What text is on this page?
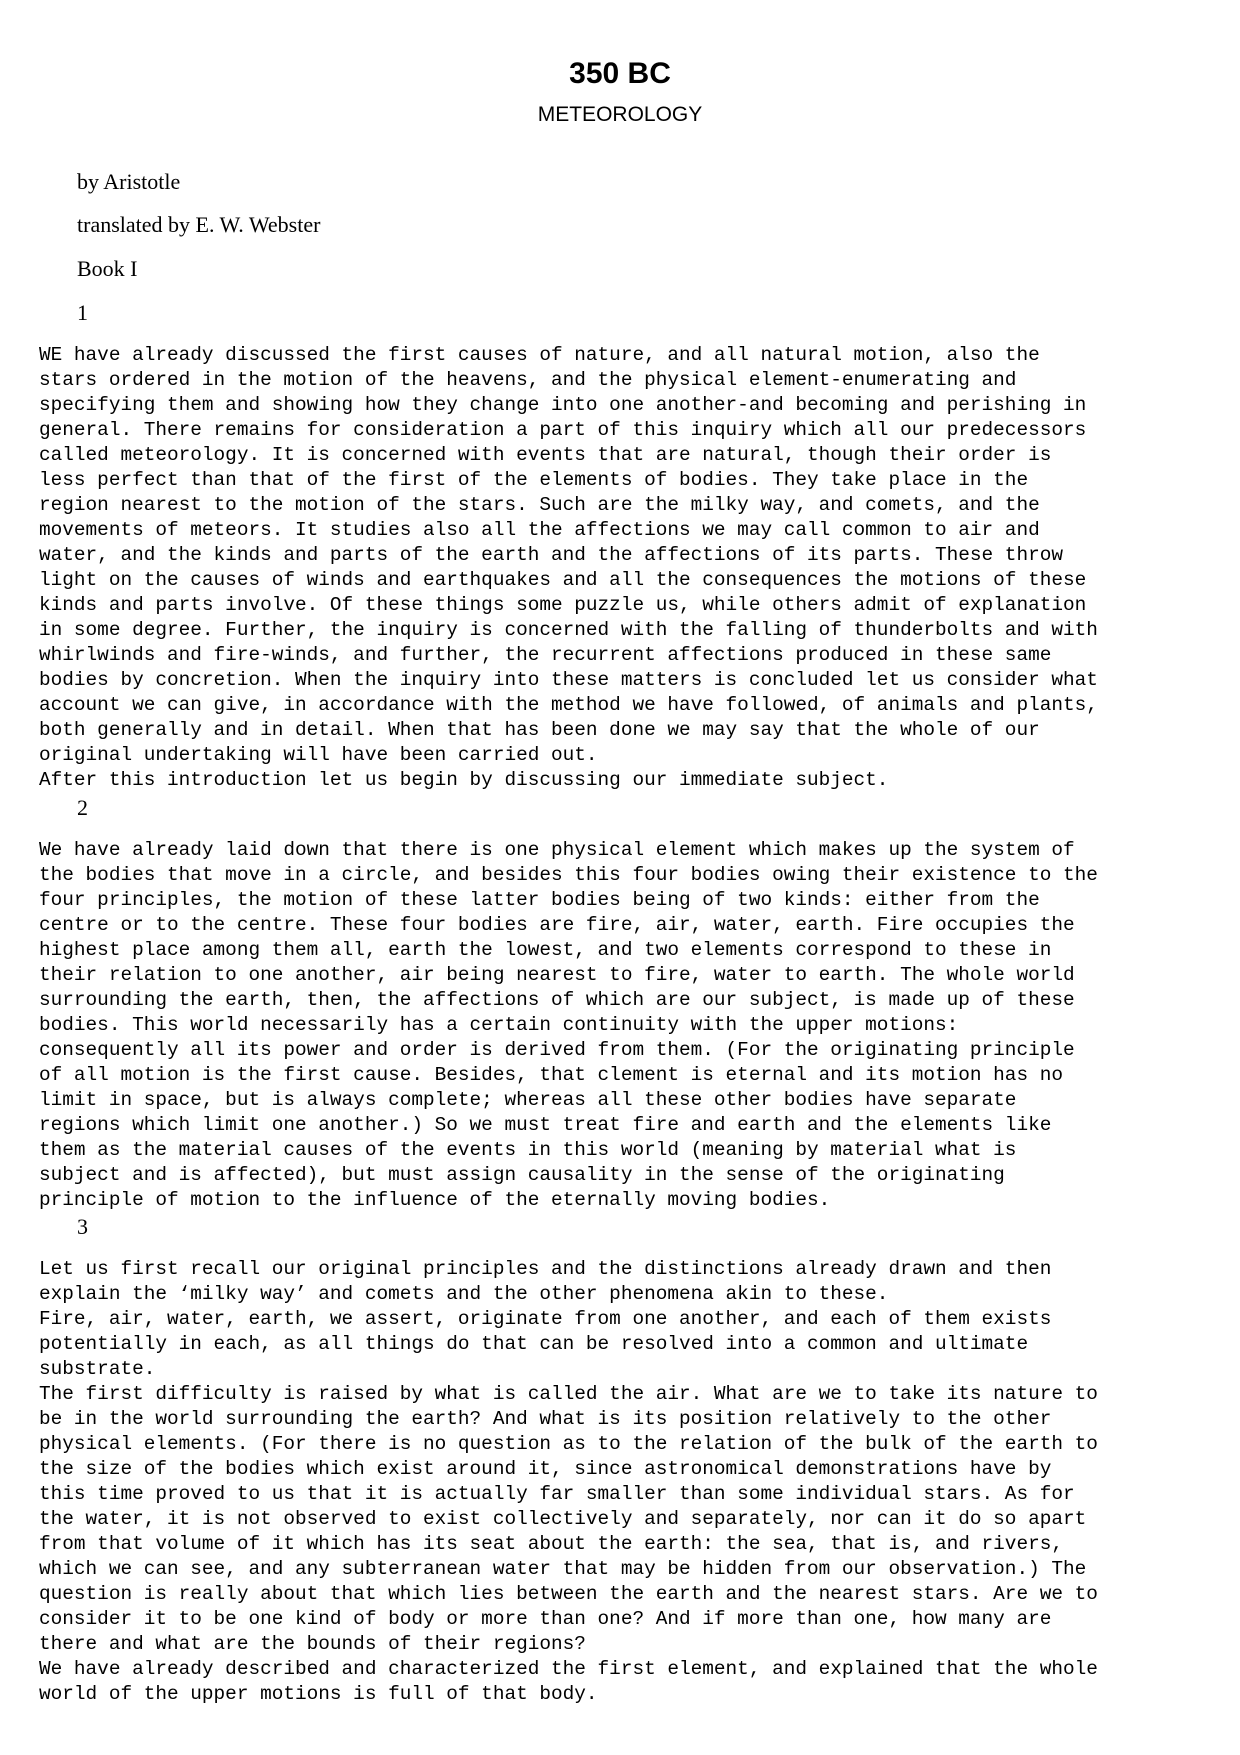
350 BC
METEOROLOGY
by Aristotle
translated by E. W. Webster
Book I
1
WE have already discussed the first causes of nature, and all natural motion, also the
stars ordered in the motion of the heavens, and the physical element-enumerating and
specifying them and showing how they change into one another-and becoming and perishing in
general. There remains for consideration a part of this inquiry which all our predecessors
called meteorology. It is concerned with events that are natural, though their order is
less perfect than that of the first of the elements of bodies. They take place in the
region nearest to the motion of the stars. Such are the milky way, and comets, and the
movements of meteors. It studies also all the affections we may call common to air and
water, and the kinds and parts of the earth and the affections of its parts. These throw
light on the causes of winds and earthquakes and all the consequences the motions of these
kinds and parts involve. Of these things some puzzle us, while others admit of explanation
in some degree. Further, the inquiry is concerned with the falling of thunderbolts and with
whirlwinds and fire-winds, and further, the recurrent affections produced in these same
bodies by concretion. When the inquiry into these matters is concluded let us consider what
account we can give, in accordance with the method we have followed, of animals and plants,
both generally and in detail. When that has been done we may say that the whole of our
original undertaking will have been carried out.
After this introduction let us begin by discussing our immediate subject.
2
We have already laid down that there is one physical element which makes up the system of
the bodies that move in a circle, and besides this four bodies owing their existence to the
four principles, the motion of these latter bodies being of two kinds: either from the
centre or to the centre. These four bodies are fire, air, water, earth. Fire occupies the
highest place among them all, earth the lowest, and two elements correspond to these in
their relation to one another, air being nearest to fire, water to earth. The whole world
surrounding the earth, then, the affections of which are our subject, is made up of these
bodies. This world necessarily has a certain continuity with the upper motions:
consequently all its power and order is derived from them. (For the originating principle
of all motion is the first cause. Besides, that clement is eternal and its motion has no
limit in space, but is always complete; whereas all these other bodies have separate
regions which limit one another.) So we must treat fire and earth and the elements like
them as the material causes of the events in this world (meaning by material what is
subject and is affected), but must assign causality in the sense of the originating
principle of motion to the influence of the eternally moving bodies.
3
Let us first recall our original principles and the distinctions already drawn and then
explain the ‘milky way’ and comets and the other phenomena akin to these.
Fire, air, water, earth, we assert, originate from one another, and each of them exists
potentially in each, as all things do that can be resolved into a common and ultimate
substrate.
The first difficulty is raised by what is called the air. What are we to take its nature to
be in the world surrounding the earth? And what is its position relatively to the other
physical elements. (For there is no question as to the relation of the bulk of the earth to
the size of the bodies which exist around it, since astronomical demonstrations have by
this time proved to us that it is actually far smaller than some individual stars. As for
the water, it is not observed to exist collectively and separately, nor can it do so apart
from that volume of it which has its seat about the earth: the sea, that is, and rivers,
which we can see, and any subterranean water that may be hidden from our observation.) The
question is really about that which lies between the earth and the nearest stars. Are we to
consider it to be one kind of body or more than one? And if more than one, how many are
there and what are the bounds of their regions?
We have already described and characterized the first element, and explained that the whole
world of the upper motions is full of that body.
